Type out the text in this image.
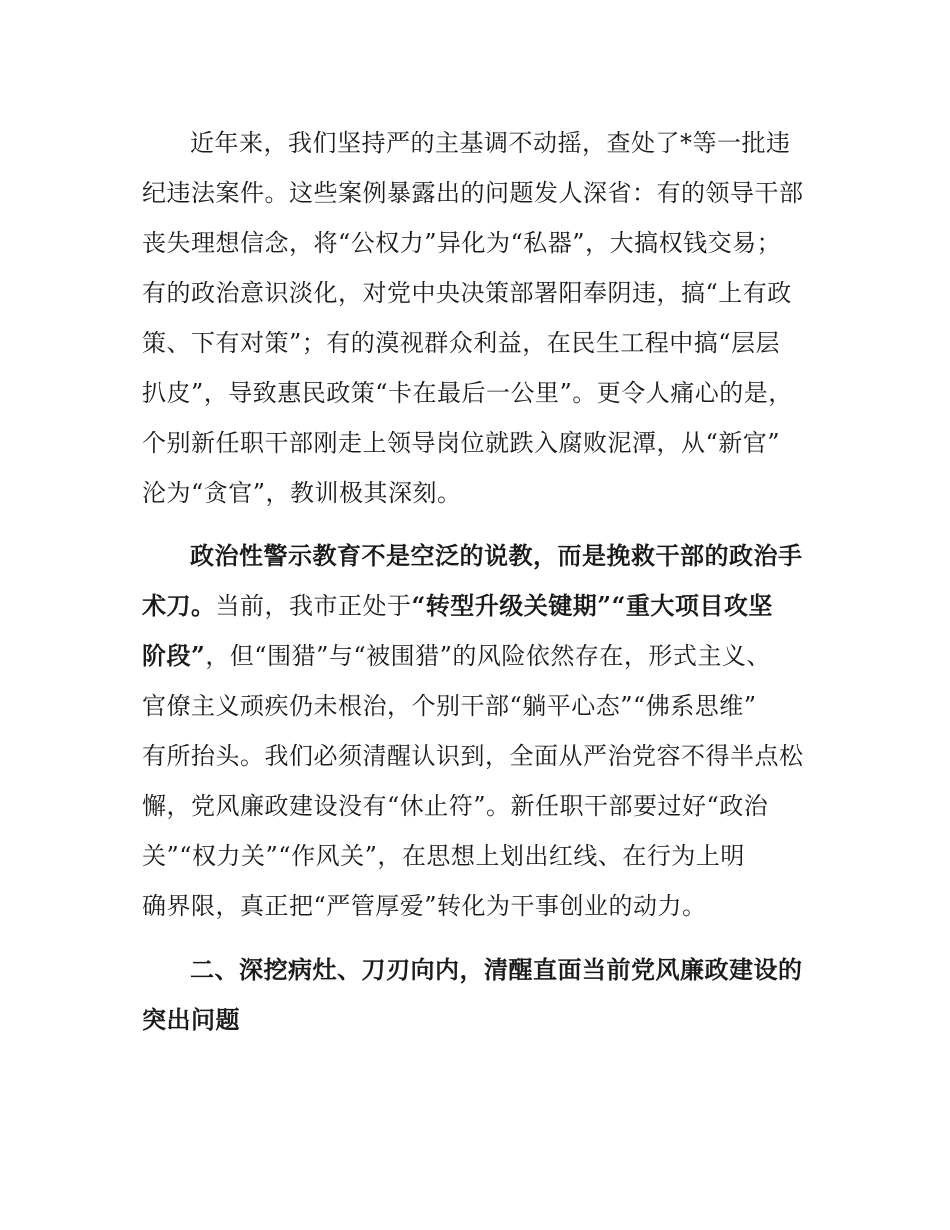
近年来，我们坚持严的主基调不动摇，查处了*等一批违
纪违法案件。这些案例暴露出的问题发人深省：有的领导干部
丧失理想信念，将“公权力”异化为“私器”，大搞权钱交易；
有的政治意识淡化，对党中央决策部署阳奉阴违，搞“上有政
策、下有对策”；有的漠视群众利益，在民生工程中搞“层层
扒皮”，导致惠民政策“卡在最后一公里”。更令人痛心的是，
个别新任职干部刚走上领导岗位就跌入腐败泥潭，从“新官”
沦为“贪官”，教训极其深刻。
政治性警示教育不是空泛的说教，而是挽救干部的政治手
术刀。当前，我市正处于“转型升级关键期”“重大项目攻坚
阶段”，但“围猎”与“被围猎”的风险依然存在，形式主义、
官僚主义顽疾仍未根治，个别干部“躺平心态”“佛系思维”
有所抬头。我们必须清醒认识到，全面从严治党容不得半点松
懈，党风廉政建设没有“休止符”。新任职干部要过好“政治
关”“权力关”“作风关”，在思想上划出红线、在行为上明
确界限，真正把“严管厚爱”转化为干事创业的动力。
二、深挖病灶、刀刃向内，清醒直面当前党风廉政建设的
突出问题
